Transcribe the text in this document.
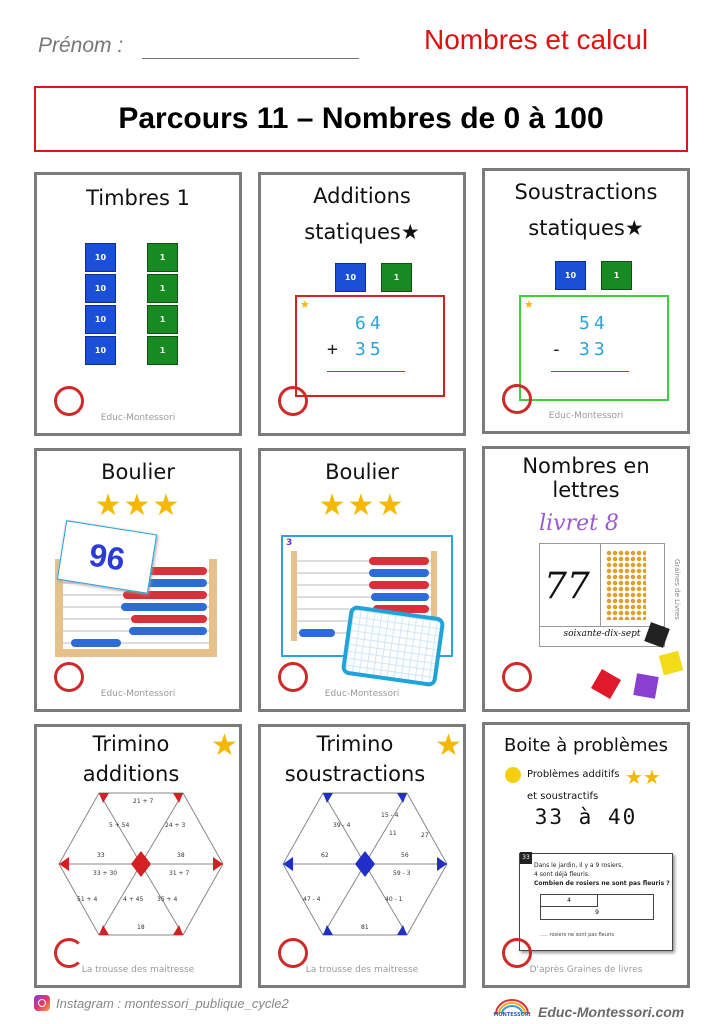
Prénom :	Nombres et calcul
Parcours 11 – Nombres de 0 à 100
Timbres 1
10
10
10
10
1
1
1
1
Educ-Montessori
Additions
statiques★
10	1
★
64
+ 35
Soustractions
statiques★
10	1
★
54
- 33
Educ-Montessori
Boulier
★★★
96
Educ-Montessori
Boulier
★★★
3
Educ-Montessori
Nombres en
lettres
livret 8
77
soixante-dix-sept
Graines de Livres
Trimino
additions
★
21 + 7
24 + 3
5 + 54
33	38
33 + 30	31 + 7
4 + 45 35 + 4
51 + 4
18
La trousse des maitresse
Trimino
soustractions
★
39 - 4
15 - 4
11	27
62	56
59 - 3
47 - 4	40 - 1
81
La trousse des maitresse
Boite à problèmes
Problèmes additifs ★★
et soustractifs
33 à 40
33
Dans le jardin, il y a 9 rosiers.
4 sont déjà fleuris.
Combien de rosiers ne sont pas fleuris ?
4
9
..... rosiers ne sont pas fleuris
D'après Graines de livres
Instagram : montessori_publique_cycle2
MONTESSORI Educ-Montessori.com
